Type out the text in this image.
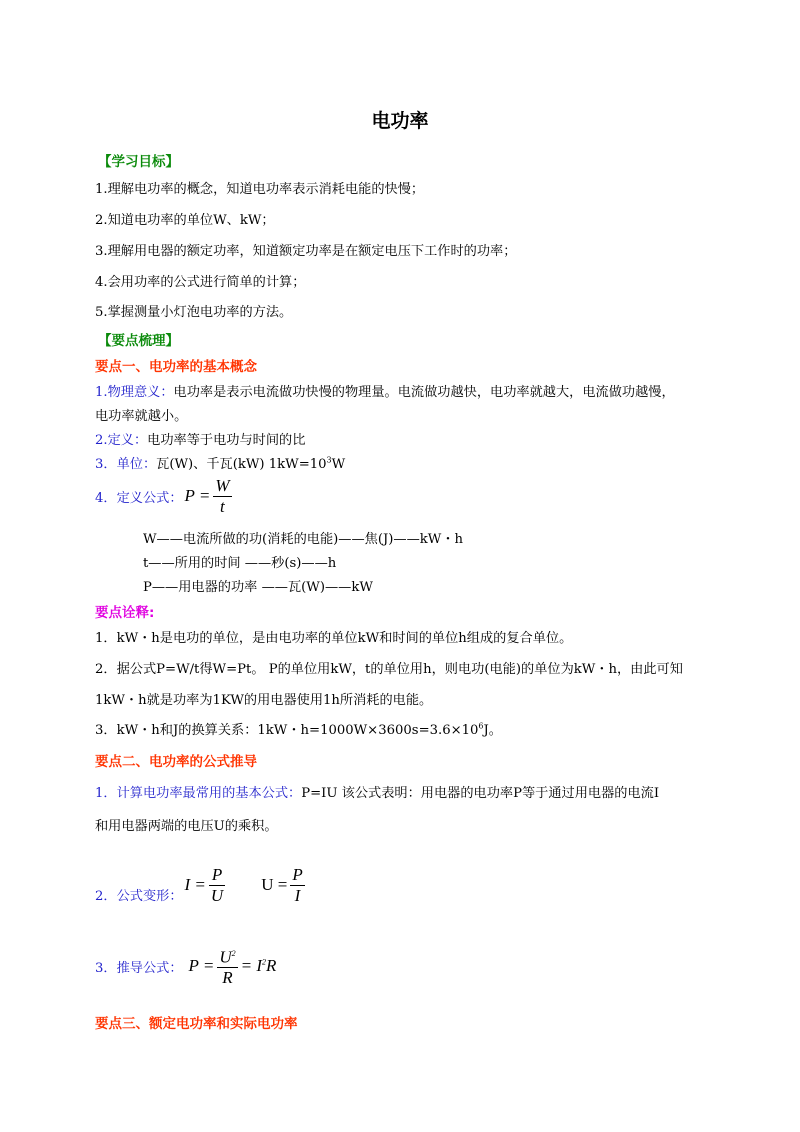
电功率
【学习目标】
1.理解电功率的概念，知道电功率表示消耗电能的快慢；
2.知道电功率的单位W、kW；
3.理解用电器的额定功率，知道额定功率是在额定电压下工作时的功率；
4.会用功率的公式进行简单的计算；
5.掌握测量小灯泡电功率的方法。
【要点梳理】
要点一、电功率的基本概念
1.物理意义：电功率是表示电流做功快慢的物理量。电流做功越快，电功率就越大，电流做功越慢，
电功率就越小。
2.定义：电功率等于电功与时间的比
3．单位：瓦(W)、千瓦(kW) $1kW=10^3W$
4．定义公式： $P = \frac{W}{t}$
W——电流所做的功(消耗的电能)——焦(J)——kW・h
t——所用的时间 ——秒(s)——h
P——用电器的功率 ——瓦(W)——kW
要点诠释:
1．kW・h是电功的单位，是由电功率的单位kW和时间的单位h组成的复合单位。
2．据公式P=W/t得W=Pt。 P的单位用kW，t的单位用h，则电功(电能)的单位为kW・h，由此可知
1kW・h就是功率为1KW的用电器使用1h所消耗的电能。
3．kW・h和J的换算关系：1kW・$h=1000W\times 3600s=3.6\times 10^6J$。
要点二、电功率的公式推导
1．计算电功率最常用的基本公式：P=IU 该公式表明：用电器的电功率P等于通过用电器的电流I
和用电器两端的电压U的乘积。
2．公式变形：
$I = \frac{P}{U}$ $U = \frac{P}{I}$
3．推导公式： $P = \frac{U^2}{R} = I^2R$
要点三、额定电功率和实际电功率
